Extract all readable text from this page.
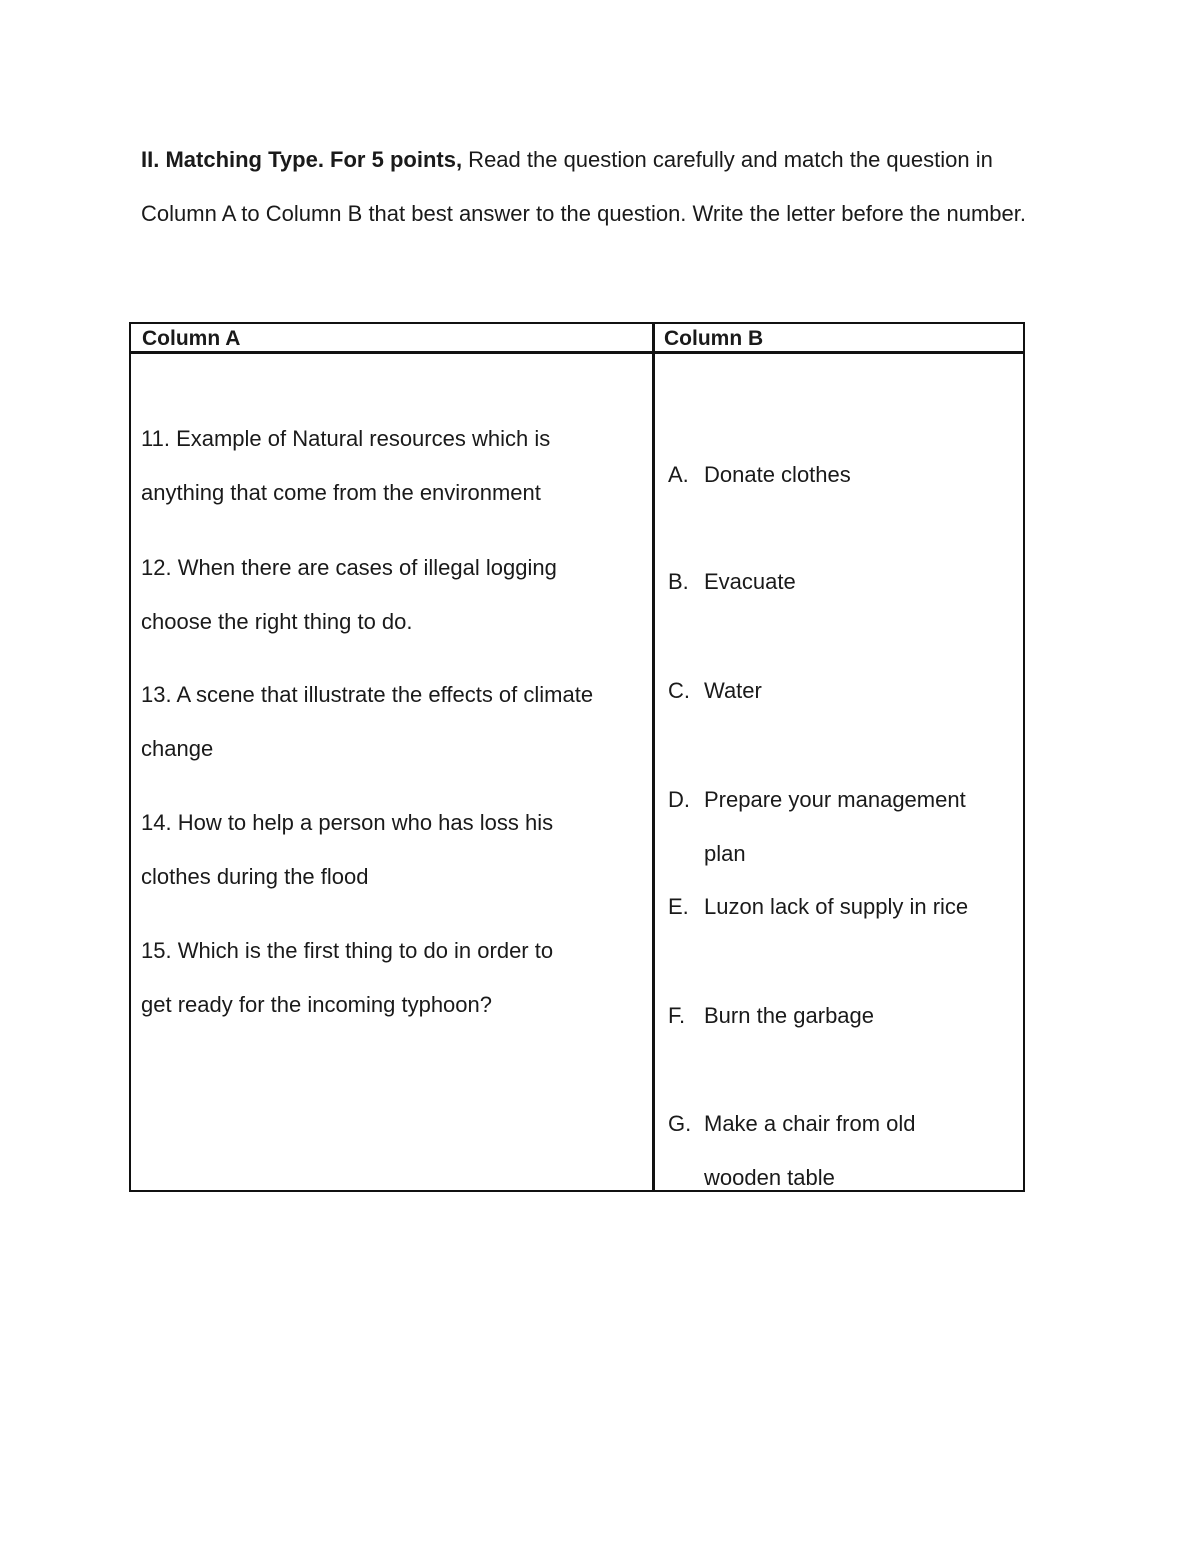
II. Matching Type. For 5 points, Read the question carefully and match the question in Column A to Column B that best answer to the question. Write the letter before the number.
Column A	Column B
11. Example of Natural resources which is anything that come from the environment
12. When there are cases of illegal logging choose the right thing to do.
13. A scene that illustrate the effects of climate change
14. How to help a person who has loss his clothes during the flood
15. Which is the first thing to do in order to get ready for the incoming typhoon?
A. Donate clothes
B. Evacuate
C. Water
D. Prepare your management plan
E. Luzon lack of supply in rice
F. Burn the garbage
G. Make a chair from old wooden table
